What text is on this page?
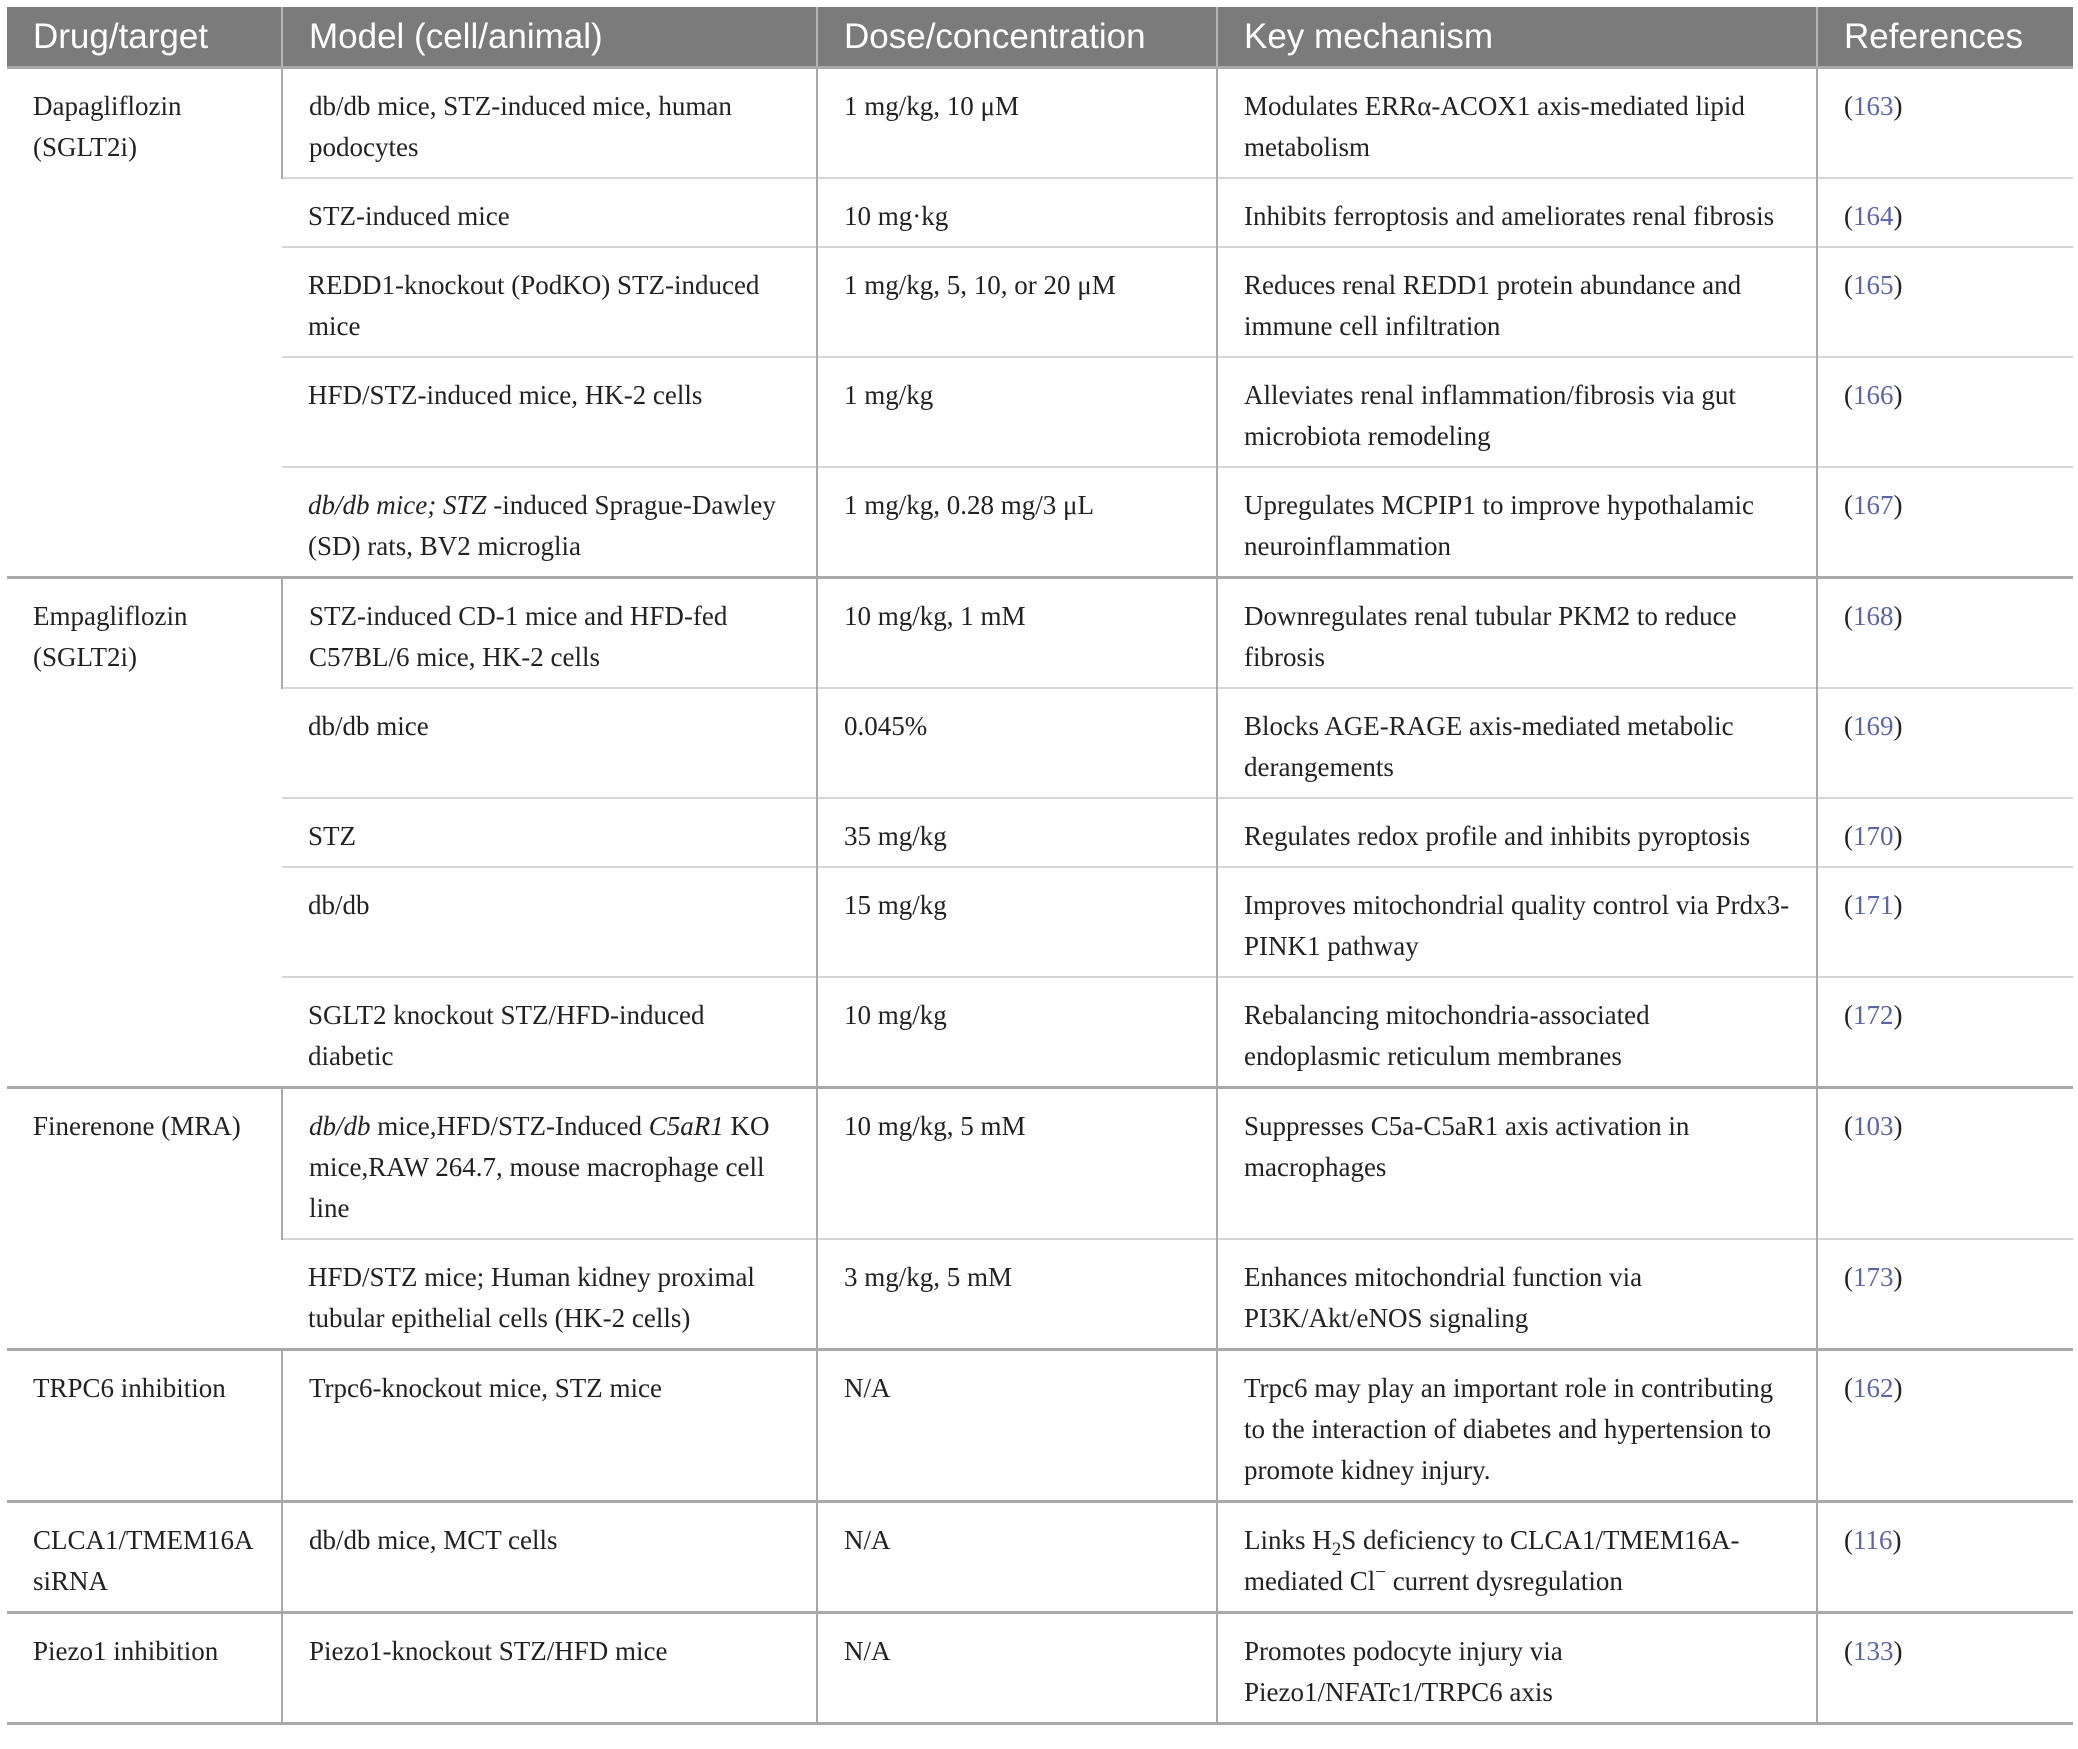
Drug/target	Model (cell/animal)	Dose/concentration	Key mechanism	References
Dapagliflozin (SGLT2i)	db/db mice, STZ-induced mice, human podocytes	1 mg/kg, 10 μM	Modulates ERRα-ACOX1 axis-mediated lipid metabolism	(163)
	STZ-induced mice	10 mg·kg	Inhibits ferroptosis and ameliorates renal fibrosis	(164)
	REDD1-knockout (PodKO) STZ-induced mice	1 mg/kg, 5, 10, or 20 μM	Reduces renal REDD1 protein abundance and immune cell infiltration	(165)
	HFD/STZ-induced mice, HK-2 cells	1 mg/kg	Alleviates renal inflammation/fibrosis via gut microbiota remodeling	(166)
	db/db mice; STZ -induced Sprague-Dawley (SD) rats, BV2 microglia	1 mg/kg, 0.28 mg/3 μL	Upregulates MCPIP1 to improve hypothalamic neuroinflammation	(167)
Empagliflozin (SGLT2i)	STZ-induced CD-1 mice and HFD-fed C57BL/6 mice, HK-2 cells	10 mg/kg, 1 mM	Downregulates renal tubular PKM2 to reduce fibrosis	(168)
	db/db mice	0.045%	Blocks AGE-RAGE axis-mediated metabolic derangements	(169)
	STZ	35 mg/kg	Regulates redox profile and inhibits pyroptosis	(170)
	db/db	15 mg/kg	Improves mitochondrial quality control via Prdx3-PINK1 pathway	(171)
	SGLT2 knockout STZ/HFD-induced diabetic	10 mg/kg	Rebalancing mitochondria-associated endoplasmic reticulum membranes	(172)
Finerenone (MRA)	db/db mice,HFD/STZ-Induced C5aR1 KO mice,RAW 264.7, mouse macrophage cell line	10 mg/kg, 5 mM	Suppresses C5a-C5aR1 axis activation in macrophages	(103)
	HFD/STZ mice; Human kidney proximal tubular epithelial cells (HK-2 cells)	3 mg/kg, 5 mM	Enhances mitochondrial function via PI3K/Akt/eNOS signaling	(173)
TRPC6 inhibition	Trpc6-knockout mice, STZ mice	N/A	Trpc6 may play an important role in contributing to the interaction of diabetes and hypertension to promote kidney injury.	(162)
CLCA1/TMEM16A siRNA	db/db mice, MCT cells	N/A	Links $H_2S$ deficiency to CLCA1/TMEM16A-mediated Cl− current dysregulation	(116)
Piezo1 inhibition	Piezo1-knockout STZ/HFD mice	N/A	Promotes podocyte injury via Piezo1/NFATc1/TRPC6 axis	(133)
